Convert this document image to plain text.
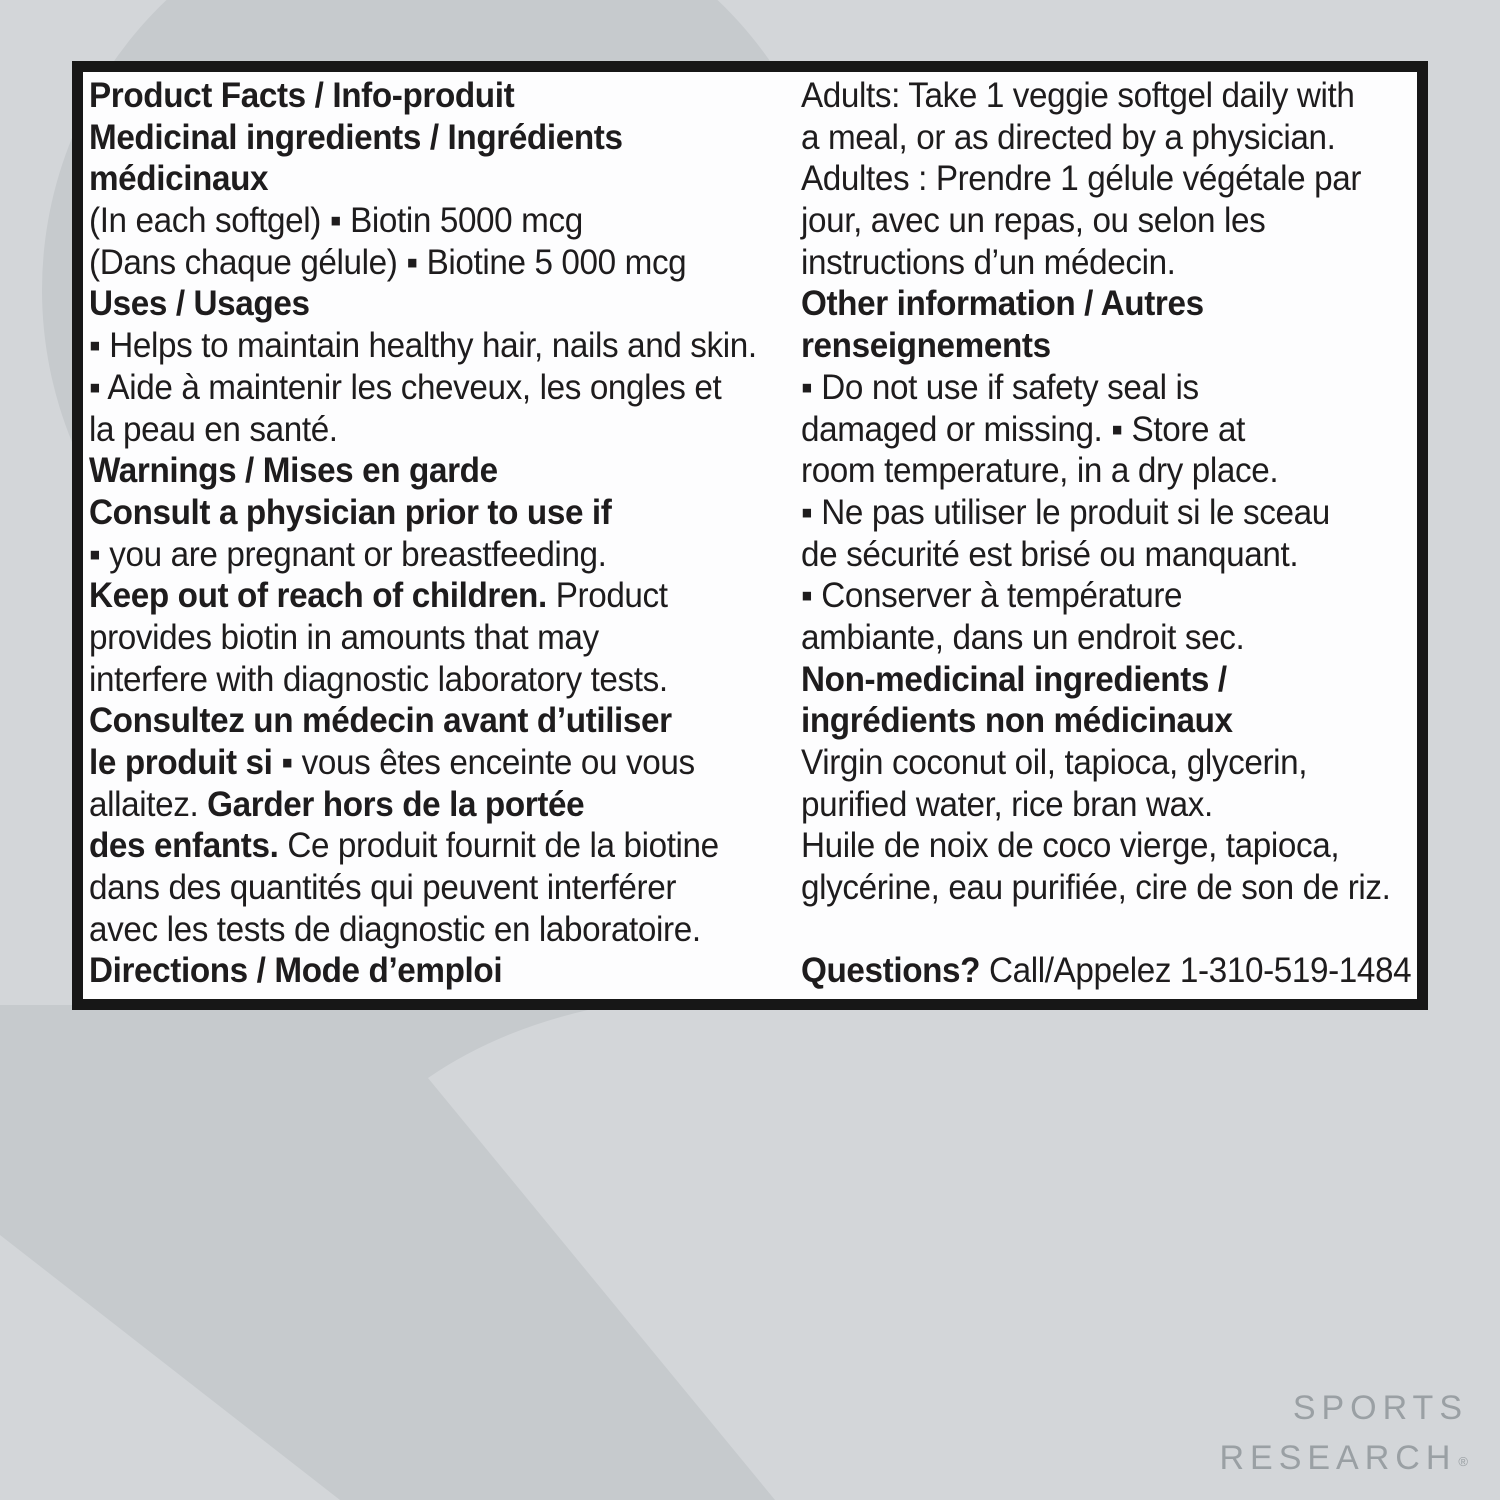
Product Facts / Info-produit
Medicinal ingredients / Ingrédients
médicinaux
(In each softgel) ▪ Biotin 5000 mcg
(Dans chaque gélule) ▪ Biotine 5 000 mcg
Uses / Usages
▪ Helps to maintain healthy hair, nails and skin.
▪ Aide à maintenir les cheveux, les ongles et
la peau en santé.
Warnings / Mises en garde
Consult a physician prior to use if
▪ you are pregnant or breastfeeding.
Keep out of reach of children. Product
provides biotin in amounts that may
interfere with diagnostic laboratory tests.
Consultez un médecin avant d’utiliser
le produit si ▪ vous êtes enceinte ou vous
allaitez. Garder hors de la portée
des enfants. Ce produit fournit de la biotine
dans des quantités qui peuvent interférer
avec les tests de diagnostic en laboratoire.
Directions / Mode d’emploi
Adults: Take 1 veggie softgel daily with
a meal, or as directed by a physician.
Adultes : Prendre 1 gélule végétale par
jour, avec un repas, ou selon les
instructions d’un médecin.
Other information / Autres
renseignements
▪ Do not use if safety seal is
damaged or missing. ▪ Store at
room temperature, in a dry place.
▪ Ne pas utiliser le produit si le sceau
de sécurité est brisé ou manquant.
▪ Conserver à température
ambiante, dans un endroit sec.
Non-medicinal ingredients /
ingrédients non médicinaux
Virgin coconut oil, tapioca, glycerin,
purified water, rice bran wax.
Huile de noix de coco vierge, tapioca,
glycérine, eau purifiée, cire de son de riz.

Questions? Call/Appelez 1-310-519-1484
SPORTS
RESEARCH ®
